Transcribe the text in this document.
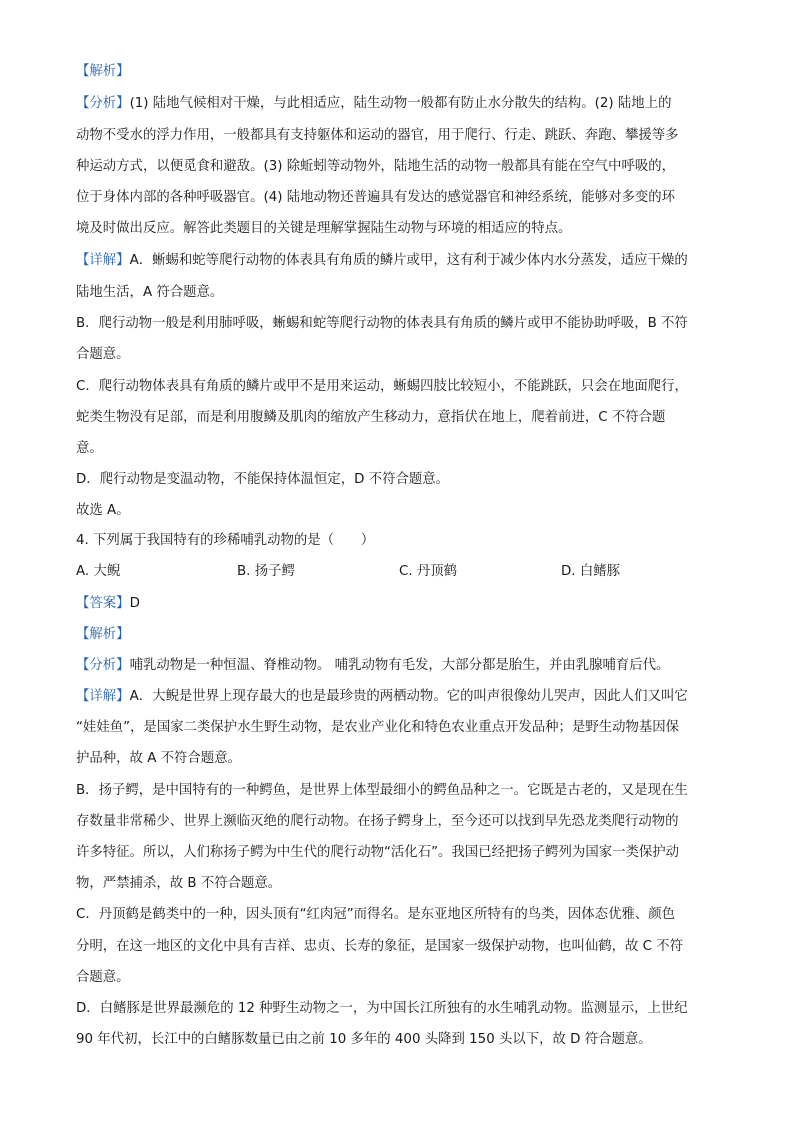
【解析】
【分析】(1) 陆地气候相对干燥，与此相适应，陆生动物一般都有防止水分散失的结构。(2) 陆地上的
动物不受水的浮力作用，一般都具有支持躯体和运动的器官，用于爬行、行走、跳跃、奔跑、攀援等多
种运动方式，以便觅食和避敌。(3) 除蚯蚓等动物外，陆地生活的动物一般都具有能在空气中呼吸的，
位于身体内部的各种呼吸器官。(4) 陆地动物还普遍具有发达的感觉器官和神经系统，能够对多变的环
境及时做出反应。解答此类题目的关键是理解掌握陆生动物与环境的相适应的特点。
【详解】A．蜥蜴和蛇等爬行动物的体表具有角质的鳞片或甲，这有利于减少体内水分蒸发，适应干燥的
陆地生活，A 符合题意。
B．爬行动物一般是利用肺呼吸，蜥蜴和蛇等爬行动物的体表具有角质的鳞片或甲不能协助呼吸，B 不符
合题意。
C．爬行动物体表具有角质的鳞片或甲不是用来运动，蜥蜴四肢比较短小，不能跳跃，只会在地面爬行，
蛇类生物没有足部，而是利用腹鳞及肌肉的缩放产生移动力，意指伏在地上，爬着前进，C 不符合题
意。
D．爬行动物是变温动物，不能保持体温恒定，D 不符合题意。
故选 A。
4. 下列属于我国特有的珍稀哺乳动物的是（　　）
A. 大鲵	B. 扬子鳄	C. 丹顶鹤	D. 白鳍豚
【答案】D
【解析】
【分析】哺乳动物是一种恒温、脊椎动物。 哺乳动物有毛发，大部分都是胎生，并由乳腺哺育后代。
【详解】A．大鲵是世界上现存最大的也是最珍贵的两栖动物。它的叫声很像幼儿哭声，因此人们又叫它
“娃娃鱼”，是国家二类保护水生野生动物，是农业产业化和特色农业重点开发品种；是野生动物基因保
护品种，故 A 不符合题意。
B．扬子鳄，是中国特有的一种鳄鱼，是世界上体型最细小的鳄鱼品种之一。它既是古老的，又是现在生
存数量非常稀少、世界上濒临灭绝的爬行动物。在扬子鳄身上，至今还可以找到早先恐龙类爬行动物的
许多特征。所以，人们称扬子鳄为中生代的爬行动物“活化石”。我国已经把扬子鳄列为国家一类保护动
物，严禁捕杀，故 B 不符合题意。
C．丹顶鹤是鹤类中的一种，因头顶有“红肉冠”而得名。是东亚地区所特有的鸟类，因体态优雅、颜色
分明，在这一地区的文化中具有吉祥、忠贞、长寿的象征，是国家一级保护动物，也叫仙鹤，故 C 不符
合题意。
D．白鳍豚是世界最濒危的 12 种野生动物之一，为中国长江所独有的水生哺乳动物。监测显示，上世纪
90 年代初，长江中的白鳍豚数量已由之前 10 多年的 400 头降到 150 头以下，故 D 符合题意。
